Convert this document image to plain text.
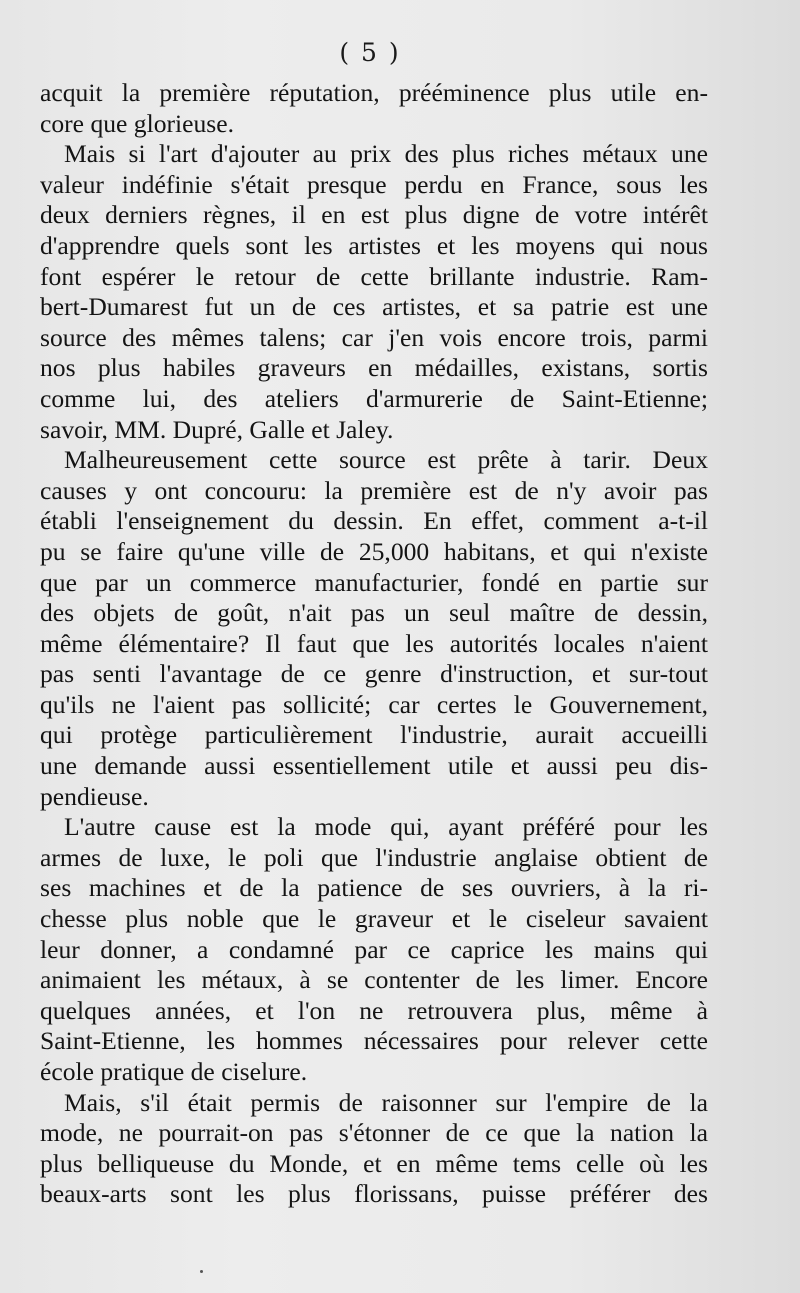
( 5 )
acquit la première réputation, prééminence plus utile en-
core que glorieuse.
Mais si l'art d'ajouter au prix des plus riches métaux une
valeur indéfinie s'était presque perdu en France, sous les
deux derniers règnes, il en est plus digne de votre intérêt
d'apprendre quels sont les artistes et les moyens qui nous
font espérer le retour de cette brillante industrie. Ram-
bert-Dumarest fut un de ces artistes, et sa patrie est une
source des mêmes talens; car j'en vois encore trois, parmi
nos plus habiles graveurs en médailles, existans, sortis
comme lui, des ateliers d'armurerie de Saint-Etienne;
savoir, MM. Dupré, Galle et Jaley.
Malheureusement cette source est prête à tarir. Deux
causes y ont concouru: la première est de n'y avoir pas
établi l'enseignement du dessin. En effet, comment a-t-il
pu se faire qu'une ville de 25,000 habitans, et qui n'existe
que par un commerce manufacturier, fondé en partie sur
des objets de goût, n'ait pas un seul maître de dessin,
même élémentaire? Il faut que les autorités locales n'aient
pas senti l'avantage de ce genre d'instruction, et sur-tout
qu'ils ne l'aient pas sollicité; car certes le Gouvernement,
qui protège particulièrement l'industrie, aurait accueilli
une demande aussi essentiellement utile et aussi peu dis-
pendieuse.
L'autre cause est la mode qui, ayant préféré pour les
armes de luxe, le poli que l'industrie anglaise obtient de
ses machines et de la patience de ses ouvriers, à la ri-
chesse plus noble que le graveur et le ciseleur savaient
leur donner, a condamné par ce caprice les mains qui
animaient les métaux, à se contenter de les limer. Encore
quelques années, et l'on ne retrouvera plus, même à
Saint-Etienne, les hommes nécessaires pour relever cette
école pratique de ciselure.
Mais, s'il était permis de raisonner sur l'empire de la
mode, ne pourrait-on pas s'étonner de ce que la nation la
plus belliqueuse du Monde, et en même tems celle où les
beaux-arts sont les plus florissans, puisse préférer des
